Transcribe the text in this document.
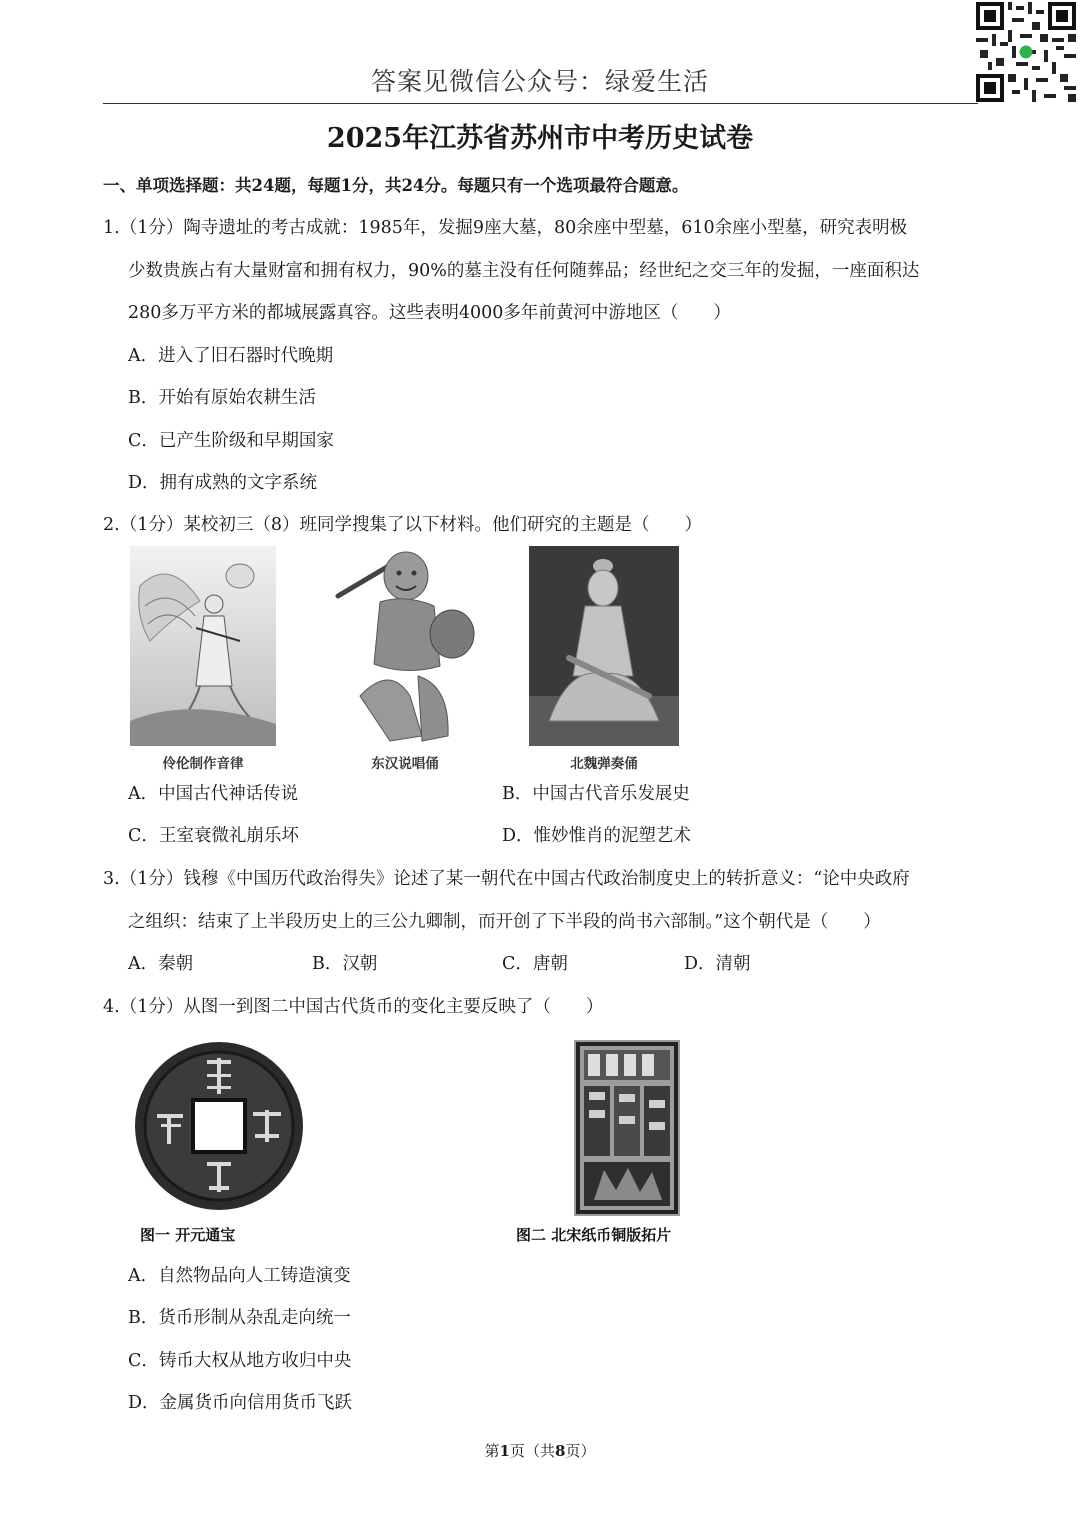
答案见微信公众号：绿爱生活
2025年江苏省苏州市中考历史试卷
一、单项选择题：共24题，每题1分，共24分。每题只有一个选项最符合题意。
1.（1分）陶寺遗址的考古成就：1985年，发掘9座大墓，80余座中型墓，610余座小型墓，研究表明极
少数贵族占有大量财富和拥有权力，90%的墓主没有任何随葬品；经世纪之交三年的发掘，一座面积达
280多万平方米的都城展露真容。这些表明4000多年前黄河中游地区（　　）
A．进入了旧石器时代晚期
B．开始有原始农耕生活
C．已产生阶级和早期国家
D．拥有成熟的文字系统
2.（1分）某校初三（8）班同学搜集了以下材料。他们研究的主题是（　　）
伶伦制作音律	东汉说唱俑	北魏弹奏俑
A．中国古代神话传说	B．中国古代音乐发展史
C．王室衰微礼崩乐坏	D．惟妙惟肖的泥塑艺术
3.（1分）钱穆《中国历代政治得失》论述了某一朝代在中国古代政治制度史上的转折意义：“论中央政府
之组织：结束了上半段历史上的三公九卿制，而开创了下半段的尚书六部制。”这个朝代是（　　）
A．秦朝	B．汉朝	C．唐朝	D．清朝
4.（1分）从图一到图二中国古代货币的变化主要反映了（　　）
图一 开元通宝	图二 北宋纸币铜版拓片
A．自然物品向人工铸造演变
B．货币形制从杂乱走向统一
C．铸币大权从地方收归中央
D．金属货币向信用货币飞跃
第1页（共8页）
